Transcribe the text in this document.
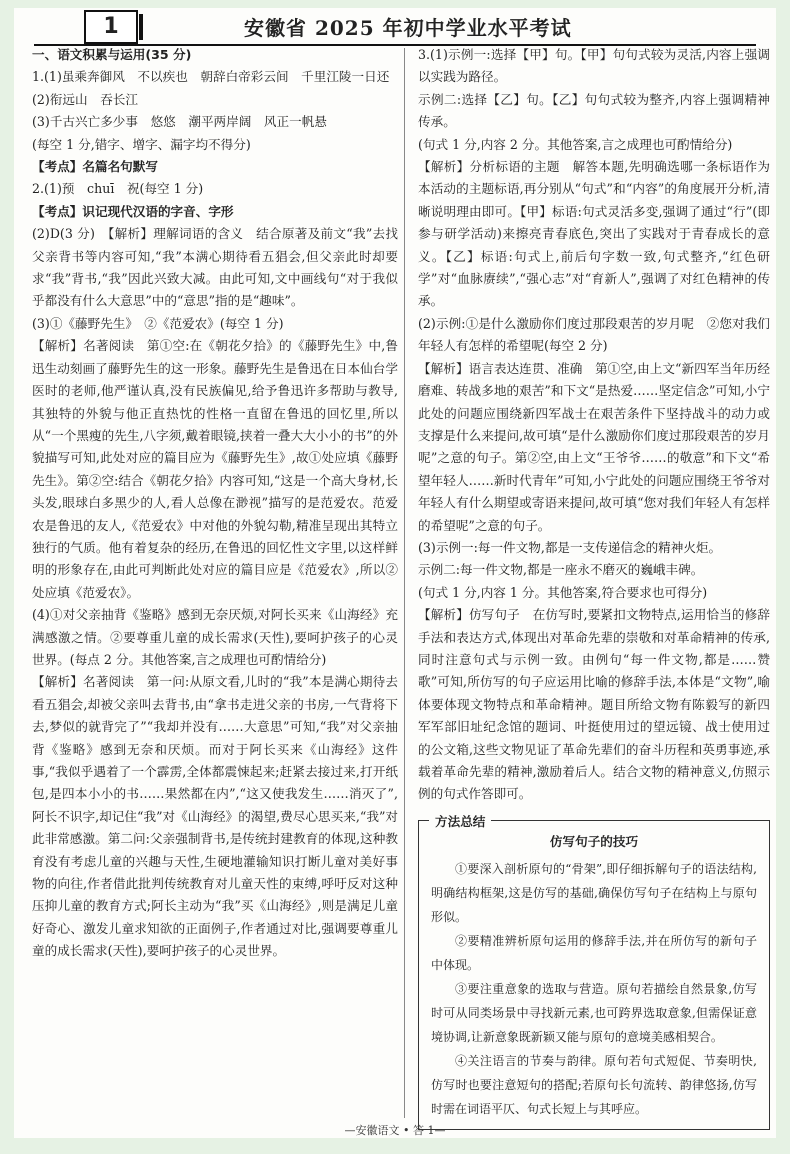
1	安徽省 2025 年初中学业水平考试

一、语文积累与运用(35 分)

1.(1)虽乘奔御风　不以疾也　朝辞白帝彩云间　千里江陵一日还

(2)衔远山　吞长江

(3)千古兴亡多少事　悠悠　潮平两岸阔　风正一帆悬

(每空 1 分,错字、增字、漏字均不得分)

【考点】名篇名句默写

2.(1)预　chuī　祝(每空 1 分)

【考点】识记现代汉语的字音、字形

(2)D(3 分)　【解析】理解词语的含义　结合原著及前文“我”去找父亲背书等内容可知,“我”本满心期待看五猖会,但父亲此时却要求“我”背书,“我”因此兴致大减。由此可知,文中画线句“对于我似乎都没有什么大意思”中的“意思”指的是“趣味”。

(3)①《藤野先生》　②《范爱农》(每空 1 分)

【解析】名著阅读　第①空:在《朝花夕拾》的《藤野先生》中,鲁迅生动刻画了藤野先生的这一形象。藤野先生是鲁迅在日本仙台学医时的老师,他严谨认真,没有民族偏见,给予鲁迅许多帮助与教导,其独特的外貌与他正直热忱的性格一直留在鲁迅的回忆里,所以从“一个黑瘦的先生,八字须,戴着眼镜,挟着一叠大大小小的书”的外貌描写可知,此处对应的篇目应为《藤野先生》,故①处应填《藤野先生》。第②空:结合《朝花夕拾》内容可知,“这是一个高大身材,长头发,眼球白多黑少的人,看人总像在渺视”描写的是范爱农。范爱农是鲁迅的友人,《范爱农》中对他的外貌勾勒,精准呈现出其特立独行的气质。他有着复杂的经历,在鲁迅的回忆性文字里,以这样鲜明的形象存在,由此可判断此处对应的篇目应是《范爱农》,所以②处应填《范爱农》。

(4)①对父亲抽背《鉴略》感到无奈厌烦,对阿长买来《山海经》充满感激之情。②要尊重儿童的成长需求(天性),要呵护孩子的心灵世界。(每点 2 分。其他答案,言之成理也可酌情给分)

【解析】名著阅读　第一问:从原文看,儿时的“我”本是满心期待去看五猖会,却被父亲叫去背书,由“拿书走进父亲的书房,一气背将下去,梦似的就背完了”“我却并没有……大意思”可知,“我”对父亲抽背《鉴略》感到无奈和厌烦。而对于阿长买来《山海经》这件事,“我似乎遇着了一个霹雳,全体都震悚起来;赶紧去接过来,打开纸包,是四本小小的书……果然都在内”,“这又使我发生……消灭了”,阿长不识字,却记住“我”对《山海经》的渴望,费尽心思买来,“我”对此非常感激。第二问:父亲强制背书,是传统封建教育的体现,这种教育没有考虑儿童的兴趣与天性,生硬地灌输知识打断儿童对美好事物的向往,作者借此批判传统教育对儿童天性的束缚,呼吁反对这种压抑儿童的教育方式;阿长主动为“我”买《山海经》,则是满足儿童好奇心、激发儿童求知欲的正面例子,作者通过对比,强调要尊重儿童的成长需求(天性),要呵护孩子的心灵世界。

3.(1)示例一:选择【甲】句。【甲】句句式较为灵活,内容上强调以实践为路径。

示例二:选择【乙】句。【乙】句句式较为整齐,内容上强调精神传承。

(句式 1 分,内容 2 分。其他答案,言之成理也可酌情给分)

【解析】分析标语的主题　解答本题,先明确选哪一条标语作为本活动的主题标语,再分别从“句式”和“内容”的角度展开分析,清晰说明理由即可。【甲】标语:句式灵活多变,强调了通过“行”(即参与研学活动)来擦亮青春底色,突出了实践对于青春成长的意义。【乙】标语:句式上,前后句字数一致,句式整齐,“红色研学”对“血脉赓续”,“强心志”对“育新人”,强调了对红色精神的传承。

(2)示例:①是什么激励你们度过那段艰苦的岁月呢　②您对我们年轻人有怎样的希望呢(每空 2 分)

【解析】语言表达连贯、准确　第①空,由上文“新四军当年历经磨难、转战多地的艰苦”和下文“是热爱……坚定信念”可知,小宁此处的问题应围绕新四军战士在艰苦条件下坚持战斗的动力或支撑是什么来提问,故可填“是什么激励你们度过那段艰苦的岁月呢”之意的句子。第②空,由上文“王爷爷……的敬意”和下文“希望年轻人……新时代青年”可知,小宁此处的问题应围绕王爷爷对年轻人有什么期望或寄语来提问,故可填“您对我们年轻人有怎样的希望呢”之意的句子。

(3)示例一:每一件文物,都是一支传递信念的精神火炬。

示例二:每一件文物,都是一座永不磨灭的巍峨丰碑。

(句式 1 分,内容 1 分。其他答案,符合要求也可得分)

【解析】仿写句子　在仿写时,要紧扣文物特点,运用恰当的修辞手法和表达方式,体现出对革命先辈的崇敬和对革命精神的传承,同时注意句式与示例一致。由例句“每一件文物,都是……赞歌”可知,所仿写的句子应运用比喻的修辞手法,本体是“文物”,喻体要体现文物特点和革命精神。题目所给文物有陈毅写的新四军军部旧址纪念馆的题词、叶挺使用过的望远镜、战士使用过的公文箱,这些文物见证了革命先辈们的奋斗历程和英勇事迹,承载着革命先辈的精神,激励着后人。结合文物的精神意义,仿照示例的句式作答即可。

方法总结
仿写句子的技巧

①要深入剖析原句的“骨架”,即仔细拆解句子的语法结构,明确结构框架,这是仿写的基础,确保仿写句子在结构上与原句形似。

②要精准辨析原句运用的修辞手法,并在所仿写的新句子中体现。

③要注重意象的选取与营造。原句若描绘自然景象,仿写时可从同类场景中寻找新元素,也可跨界选取意象,但需保证意境协调,让新意象既新颖又能与原句的意境美感相契合。

④关注语言的节奏与韵律。原句若句式短促、节奏明快,仿写时也要注意短句的搭配;若原句长句流转、韵律悠扬,仿写时需在词语平仄、句式长短上与其呼应。

—安徽语文 • 答 1—
